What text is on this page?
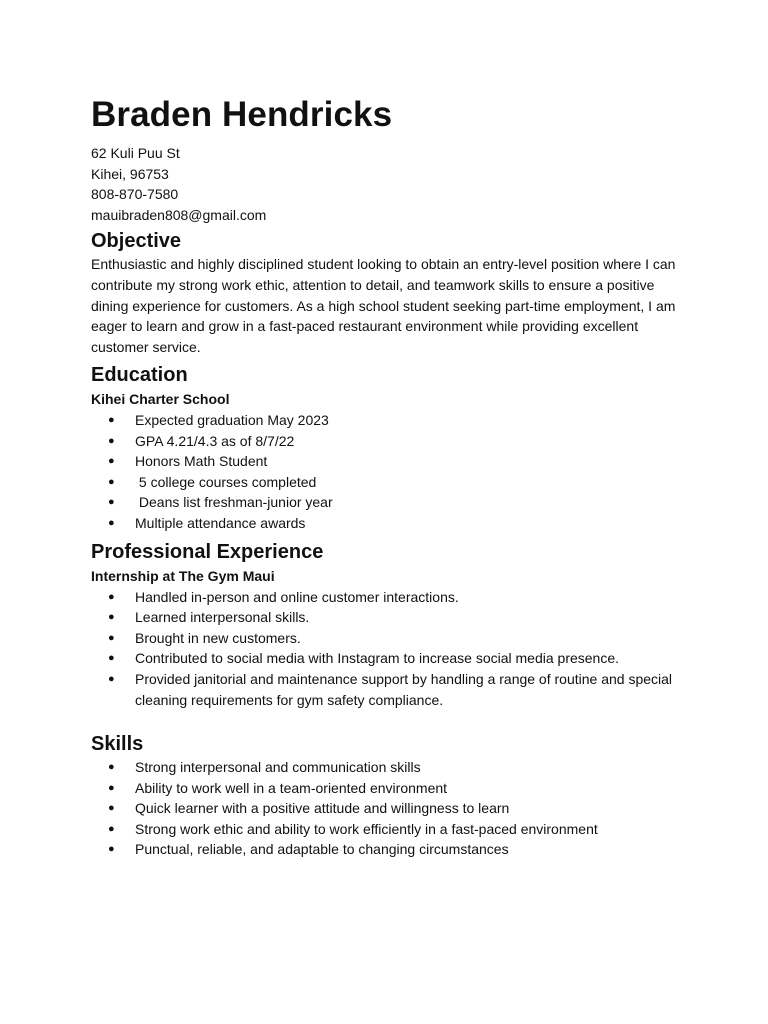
Braden Hendricks

62 Kuli Puu St

Kihei, 96753

808-870-7580

mauibraden808@gmail.com

Objective

Enthusiastic and highly disciplined student looking to obtain an entry-level position where I can contribute my strong work ethic, attention to detail, and teamwork skills to ensure a positive dining experience for customers. As a high school student seeking part-time employment, I am eager to learn and grow in a fast-paced restaurant environment while providing excellent customer service.

Education

Kihei Charter School

● Expected graduation May 2023
● GPA 4.21/4.3 as of 8/7/22
● Honors Math Student
● 5 college courses completed
● Deans list freshman-junior year
● Multiple attendance awards
Professional Experience

Internship at The Gym Maui

● Handled in-person and online customer interactions.
● Learned interpersonal skills.
● Brought in new customers.
● Contributed to social media with Instagram to increase social media presence.
● Provided janitorial and maintenance support by handling a range of routine and special cleaning requirements for gym safety compliance.
Skills
● Strong interpersonal and communication skills
● Ability to work well in a team-oriented environment
● Quick learner with a positive attitude and willingness to learn
● Strong work ethic and ability to work efficiently in a fast-paced environment
● Punctual, reliable, and adaptable to changing circumstances
